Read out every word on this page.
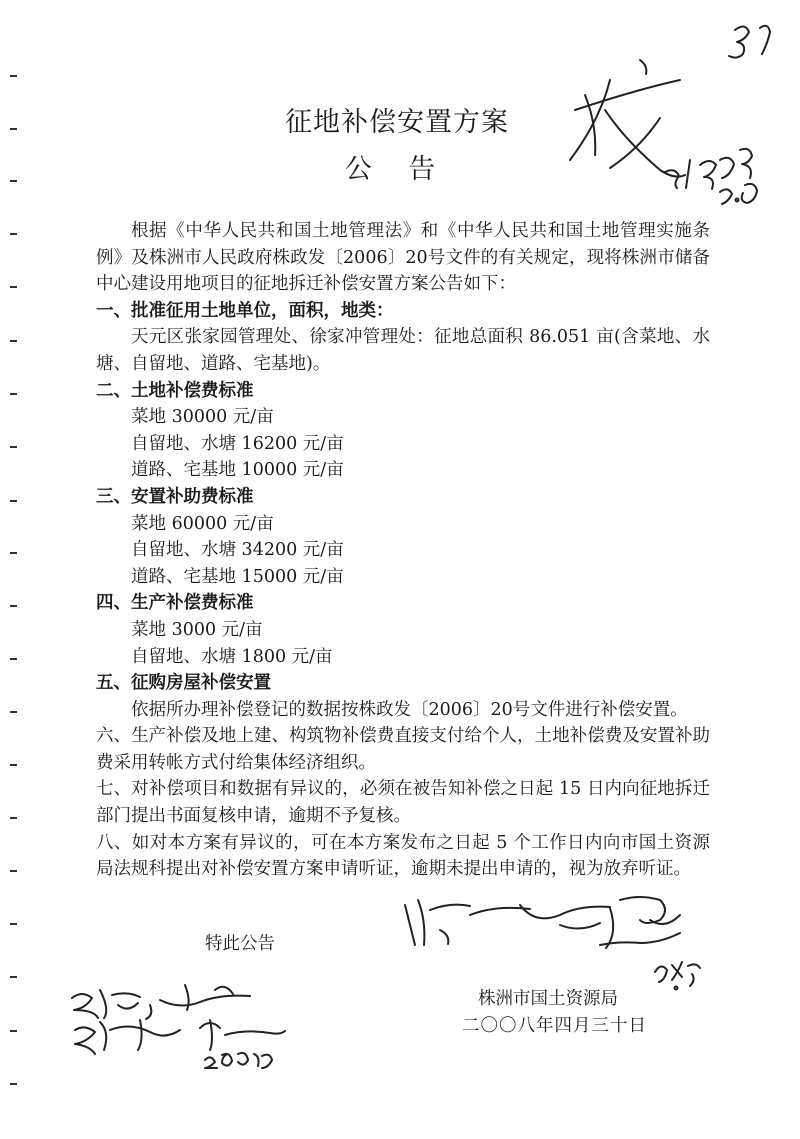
征地补偿安置方案
公 告

根据《中华人民共和国土地管理法》和《中华人民共和国土地管理实施条例》及株洲市人民政府株政发〔2006〕20号文件的有关规定，现将株洲市储备中心建设用地项目的征地拆迁补偿安置方案公告如下：

一、批准征用土地单位，面积，地类：

天元区张家园管理处、徐家冲管理处：征地总面积 86.051 亩(含菜地、水塘、自留地、道路、宅基地)。

二、土地补偿费标准

菜地 30000 元/亩

自留地、水塘 16200 元/亩

道路、宅基地 10000 元/亩

三、安置补助费标准

菜地 60000 元/亩

自留地、水塘 34200 元/亩

道路、宅基地 15000 元/亩

四、生产补偿费标准

菜地 3000 元/亩

自留地、水塘 1800 元/亩

五、征购房屋补偿安置

依据所办理补偿登记的数据按株政发〔2006〕20号文件进行补偿安置。

六、生产补偿及地上建、构筑物补偿费直接支付给个人，土地补偿费及安置补助费采用转帐方式付给集体经济组织。

七、对补偿项目和数据有异议的，必须在被告知补偿之日起 15 日内向征地拆迁部门提出书面复核申请，逾期不予复核。

八、如对本方案有异议的，可在本方案发布之日起 5 个工作日内向市国土资源局法规科提出对补偿安置方案申请听证，逾期未提出申请的，视为放弃听证。

特此公告
株洲市国土资源局
二〇〇八年四月三十日
